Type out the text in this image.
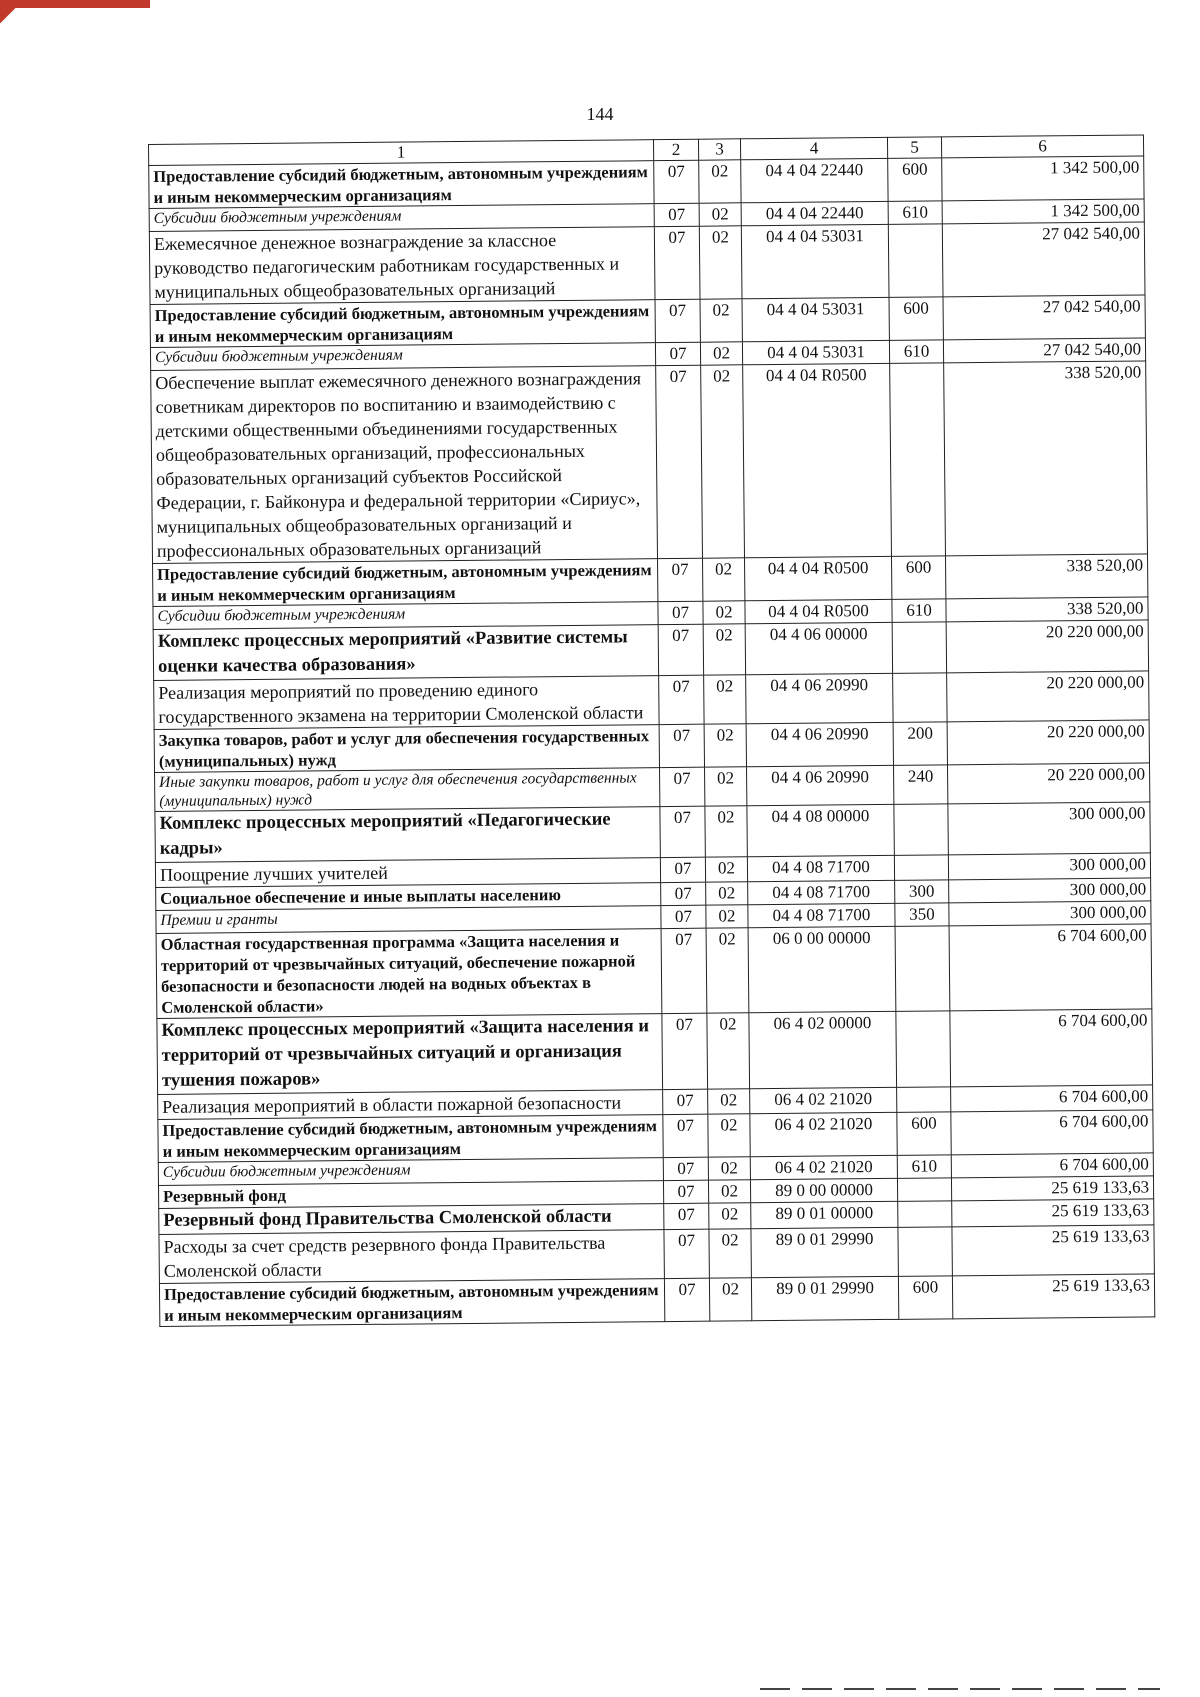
144
1	2	3	4	5	6
Предоставление субсидий бюджетным, автономным учреждениям и иным некоммерческим организациям	07	02	04 4 04 22440	600	1 342 500,00
Субсидии бюджетным учреждениям	07	02	04 4 04 22440	610	1 342 500,00
Ежемесячное денежное вознаграждение за классное руководство педагогическим работникам государственных и муниципальных общеобразовательных организаций	07	02	04 4 04 53031		27 042 540,00
Предоставление субсидий бюджетным, автономным учреждениям и иным некоммерческим организациям	07	02	04 4 04 53031	600	27 042 540,00
Субсидии бюджетным учреждениям	07	02	04 4 04 53031	610	27 042 540,00
Обеспечение выплат ежемесячного денежного вознаграждения советникам директоров по воспитанию и взаимодействию с детскими общественными объединениями государственных общеобразовательных организаций, профессиональных образовательных организаций субъектов Российской Федерации, г. Байконура и федеральной территории «Сириус», муниципальных общеобразовательных организаций и профессиональных образовательных организаций	07	02	04 4 04 R0500		338 520,00
Предоставление субсидий бюджетным, автономным учреждениям и иным некоммерческим организациям	07	02	04 4 04 R0500	600	338 520,00
Субсидии бюджетным учреждениям	07	02	04 4 04 R0500	610	338 520,00
Комплекс процессных мероприятий «Развитие системы оценки качества образования»	07	02	04 4 06 00000		20 220 000,00
Реализация мероприятий по проведению единого государственного экзамена на территории Смоленской области	07	02	04 4 06 20990		20 220 000,00
Закупка товаров, работ и услуг для обеспечения государственных (муниципальных) нужд	07	02	04 4 06 20990	200	20 220 000,00
Иные закупки товаров, работ и услуг для обеспечения государственных (муниципальных) нужд	07	02	04 4 06 20990	240	20 220 000,00
Комплекс процессных мероприятий «Педагогические кадры»	07	02	04 4 08 00000		300 000,00
Поощрение лучших учителей	07	02	04 4 08 71700		300 000,00
Социальное обеспечение и иные выплаты населению	07	02	04 4 08 71700	300	300 000,00
Премии и гранты	07	02	04 4 08 71700	350	300 000,00
Областная государственная программа «Защита населения и территорий от чрезвычайных ситуаций, обеспечение пожарной безопасности и безопасности людей на водных объектах в Смоленской области»	07	02	06 0 00 00000		6 704 600,00
Комплекс процессных мероприятий «Защита населения и территорий от чрезвычайных ситуаций и организация тушения пожаров»	07	02	06 4 02 00000		6 704 600,00
Реализация мероприятий в области пожарной безопасности	07	02	06 4 02 21020		6 704 600,00
Предоставление субсидий бюджетным, автономным учреждениям и иным некоммерческим организациям	07	02	06 4 02 21020	600	6 704 600,00
Субсидии бюджетным учреждениям	07	02	06 4 02 21020	610	6 704 600,00
Резервный фонд	07	02	89 0 00 00000		25 619 133,63
Резервный фонд Правительства Смоленской области	07	02	89 0 01 00000		25 619 133,63
Расходы за счет средств резервного фонда Правительства Смоленской области	07	02	89 0 01 29990		25 619 133,63
Предоставление субсидий бюджетным, автономным учреждениям и иным некоммерческим организациям	07	02	89 0 01 29990	600	25 619 133,63
